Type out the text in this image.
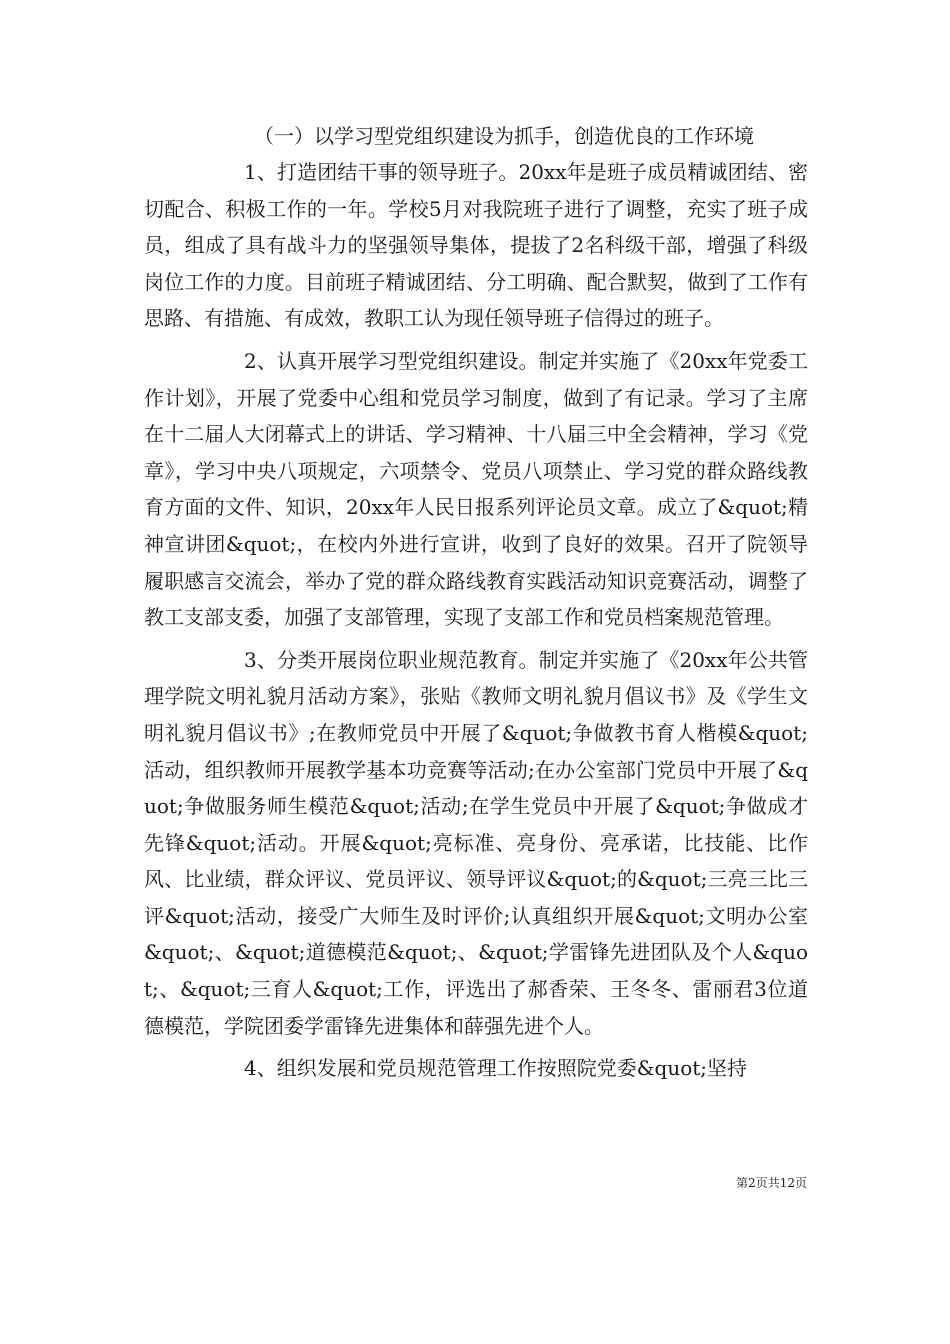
（一）以学习型党组织建设为抓手，创造优良的工作环境

1、打造团结干事的领导班子。20xx年是班子成员精诚团结、密切配合、积极工作的一年。学校5月对我院班子进行了调整，充实了班子成员，组成了具有战斗力的坚强领导集体，提拔了2名科级干部，增强了科级岗位工作的力度。目前班子精诚团结、分工明确、配合默契，做到了工作有思路、有措施、有成效，教职工认为现任领导班子信得过的班子。

2、认真开展学习型党组织建设。制定并实施了《20xx年党委工作计划》，开展了党委中心组和党员学习制度，做到了有记录。学习了主席在十二届人大闭幕式上的讲话、学习精神、十八届三中全会精神，学习《党章》，学习中央八项规定，六项禁令、党员八项禁止、学习党的群众路线教育方面的文件、知识，20xx年人民日报系列评论员文章。成立了&quot;精神宣讲团&quot;，在校内外进行宣讲，收到了良好的效果。召开了院领导履职感言交流会，举办了党的群众路线教育实践活动知识竞赛活动，调整了教工支部支委，加强了支部管理，实现了支部工作和党员档案规范管理。

3、分类开展岗位职业规范教育。制定并实施了《20xx年公共管理学院文明礼貌月活动方案》，张贴《教师文明礼貌月倡议书》及《学生文明礼貌月倡议书》;在教师党员中开展了&quot;争做教书育人楷模&quot;活动，组织教师开展教学基本功竞赛等活动;在办公室部门党员中开展了&quot;争做服务师生模范&quot;活动;在学生党员中开展了&quot;争做成才先锋&quot;活动。开展&quot;亮标准、亮身份、亮承诺，比技能、比作风、比业绩，群众评议、党员评议、领导评议&quot;的&quot;三亮三比三评&quot;活动，接受广大师生及时评价;认真组织开展&quot;文明办公室&quot;、&quot;道德模范&quot;、&quot;学雷锋先进团队及个人&quot;、&quot;三育人&quot;工作，评选出了郝香荣、王冬冬、雷丽君3位道德模范，学院团委学雷锋先进集体和薛强先进个人。

4、组织发展和党员规范管理工作按照院党委&quot;坚持

第2页共12页
